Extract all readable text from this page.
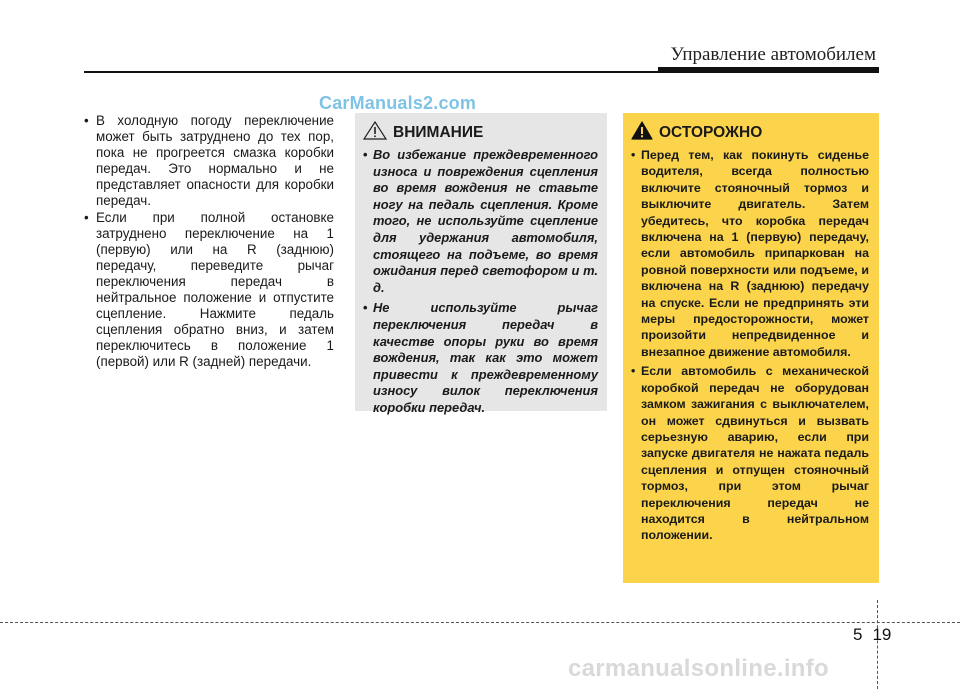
Управление автомобилем
CarManuals2.com
• В холодную погоду переключение может быть затруднено до тех пор, пока не прогреется смазка коробки передач. Это нормально и не представляет опасности для коробки передач.
• Если при полной остановке затруднено переключение на 1 (первую) или на R (заднюю) передачу, переведите рычаг переключения передач в нейтральное положение и отпустите сцепление. Нажмите педаль сцепления обратно вниз, и затем переключитесь в положение 1 (первой) или R (задней) передачи.
ВНИМАНИЕ
• Во избежание преждевременного износа и повреждения сцепления во время вождения не ставьте ногу на педаль сцепления. Кроме того, не используйте сцепление для удержания автомобиля, стоящего на подъеме, во время ожидания перед светофором и т. д.
• Не используйте рычаг переключения передач в качестве опоры руки во время вождения, так как это может привести к преждевременному износу вилок переключения коробки передач.
ОСТОРОЖНО
• Перед тем, как покинуть сиденье водителя, всегда полностью включите стояночный тормоз и выключите двигатель. Затем убедитесь, что коробка передач включена на 1 (первую) передачу, если автомобиль припаркован на ровной поверхности или подъеме, и включена на R (заднюю) передачу на спуске. Если не предпринять эти меры предосторожности, может произойти непредвиденное и внезапное движение автомобиля.
• Если автомобиль с механической коробкой передач не оборудован замком зажигания с выключателем, он может сдвинуться и вызвать серьезную аварию, если при запуске двигателя не нажата педаль сцепления и отпущен стояночный тормоз, при этом рычаг переключения передач не находится в нейтральном положении.
5 19
carmanualsonline.info
